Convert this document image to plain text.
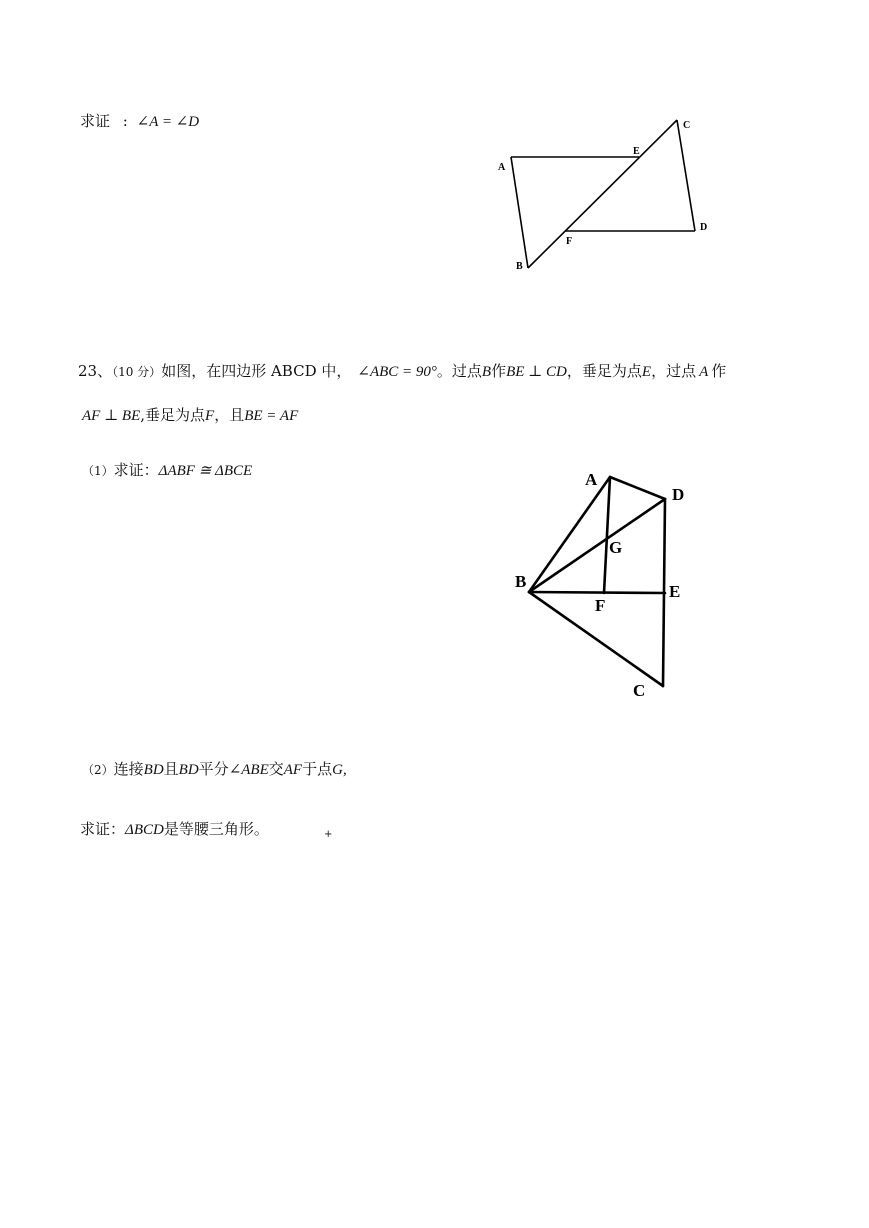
求证 : ∠A = ∠D
A
B
C
D
E
F
23、（10 分）如图，在四边形 ABCD 中， ∠ABC = 90°。过点B作BE ⊥ CD，垂足为点E，过点 A 作
AF ⊥ BE,垂足为点F，且BE = AF
（1）求证：ΔABF ≅ ΔBCE	A
B
C
D
E
F
G
（2）连接BD且BD平分∠ABE交AF于点G,
求证：ΔBCD是等腰三角形。	+
